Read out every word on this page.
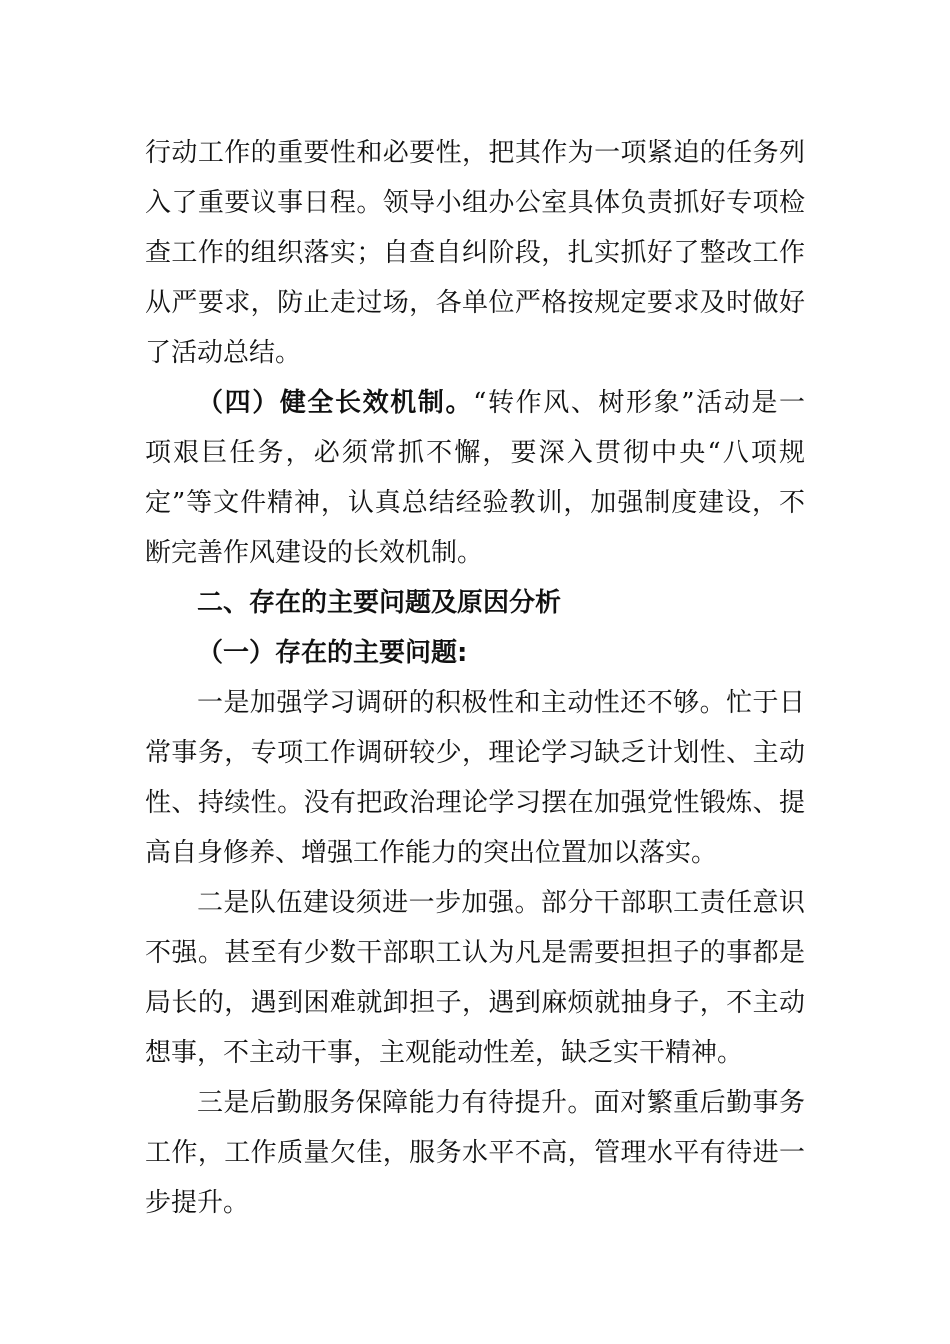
行动工作的重要性和必要性，把其作为一项紧迫的任务列
入了重要议事日程。领导小组办公室具体负责抓好专项检
查工作的组织落实；自查自纠阶段，扎实抓好了整改工作
从严要求，防止走过场，各单位严格按规定要求及时做好
了活动总结。
（四）健全长效机制。“转作风、树形象”活动是一
项艰巨任务，必须常抓不懈，要深入贯彻中央“八项规
定”等文件精神，认真总结经验教训，加强制度建设，不
断完善作风建设的长效机制。
二、存在的主要问题及原因分析
（一）存在的主要问题:
一是加强学习调研的积极性和主动性还不够。忙于日
常事务，专项工作调研较少，理论学习缺乏计划性、主动
性、持续性。没有把政治理论学习摆在加强党性锻炼、提
高自身修养、增强工作能力的突出位置加以落实。
二是队伍建设须进一步加强。部分干部职工责任意识
不强。甚至有少数干部职工认为凡是需要担担子的事都是
局长的，遇到困难就卸担子，遇到麻烦就抽身子，不主动
想事，不主动干事，主观能动性差，缺乏实干精神。
三是后勤服务保障能力有待提升。面对繁重后勤事务
工作，工作质量欠佳，服务水平不高，管理水平有待进一
步提升。
